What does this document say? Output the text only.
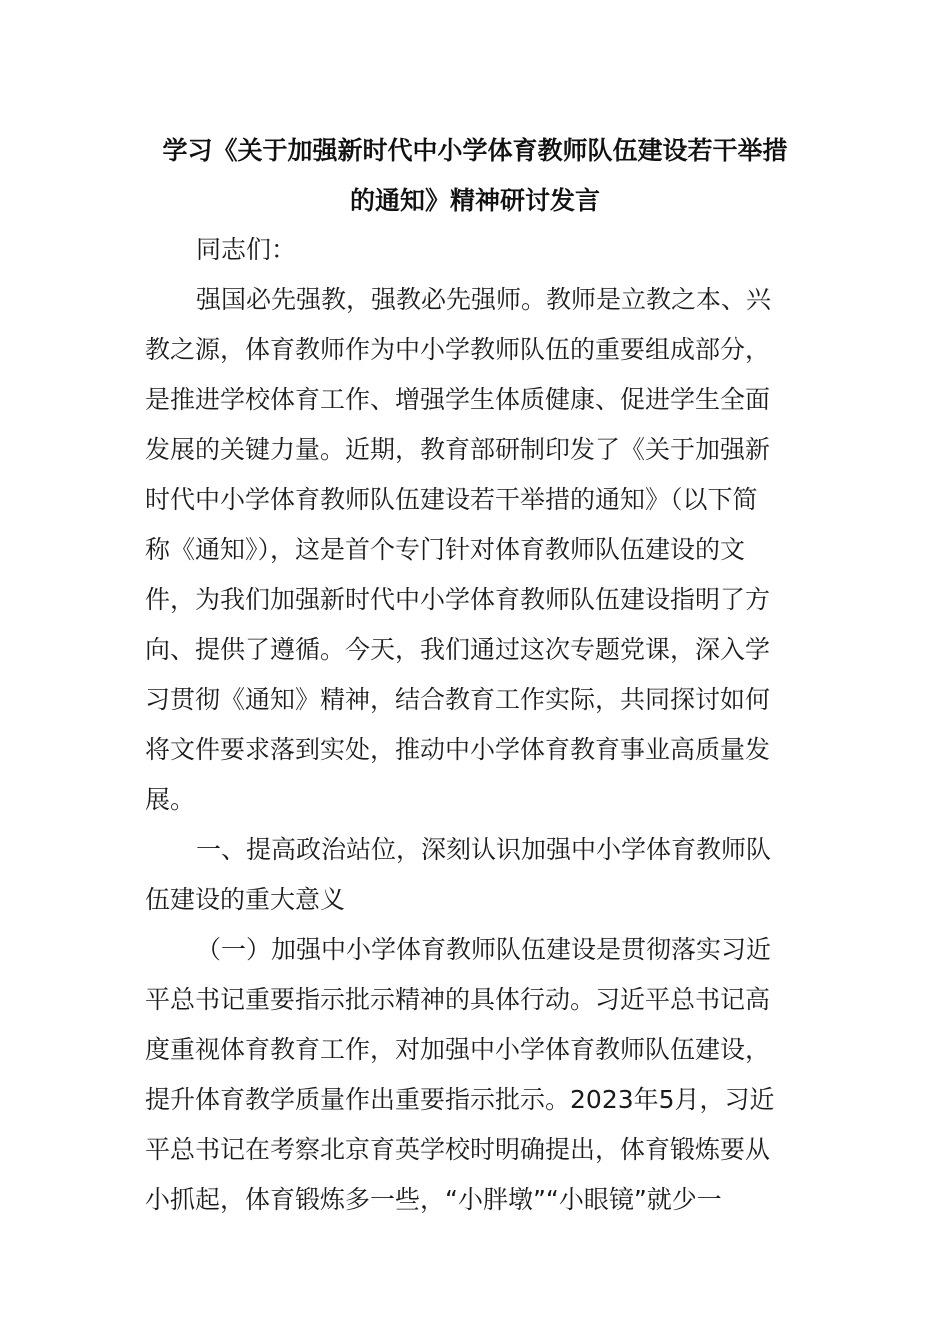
学习《关于加强新时代中小学体育教师队伍建设若干举措
的通知》精神研讨发言
同志们：
强国必先强教，强教必先强师。教师是立教之本、兴
教之源，体育教师作为中小学教师队伍的重要组成部分，
是推进学校体育工作、增强学生体质健康、促进学生全面
发展的关键力量。近期，教育部研制印发了《关于加强新
时代中小学体育教师队伍建设若干举措的通知》（以下简
称《通知》），这是首个专门针对体育教师队伍建设的文
件，为我们加强新时代中小学体育教师队伍建设指明了方
向、提供了遵循。今天，我们通过这次专题党课，深入学
习贯彻《通知》精神，结合教育工作实际，共同探讨如何
将文件要求落到实处，推动中小学体育教育事业高质量发
展。
一、提高政治站位，深刻认识加强中小学体育教师队
伍建设的重大意义
（一）加强中小学体育教师队伍建设是贯彻落实习近
平总书记重要指示批示精神的具体行动。习近平总书记高
度重视体育教育工作，对加强中小学体育教师队伍建设，
提升体育教学质量作出重要指示批示。2023年5月，习近
平总书记在考察北京育英学校时明确提出，体育锻炼要从
小抓起，体育锻炼多一些，“小胖墩”“小眼镜”就少一
